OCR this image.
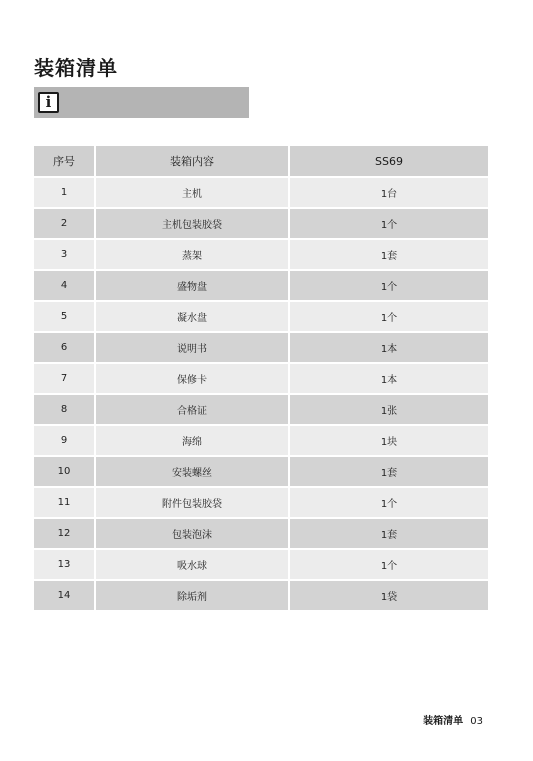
装箱清单
i
序号	装箱内容	SS69
1	主机	1台
2	主机包装胶袋	1个
3	蒸架	1套
4	盛物盘	1个
5	凝水盘	1个
6	说明书	1本
7	保修卡	1本
8	合格证	1张
9	海绵	1块
10	安装螺丝	1套
11	附件包装胶袋	1个
12	包装泡沫	1套
13	吸水球	1个
14	除垢剂	1袋
装箱清单 03
